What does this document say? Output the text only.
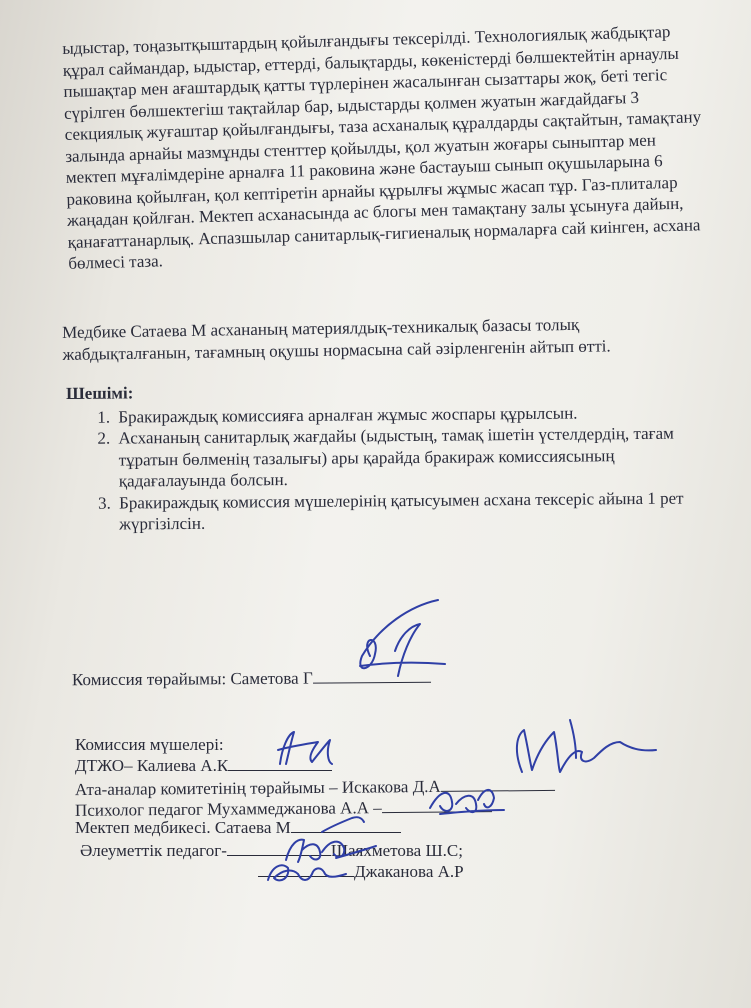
ыдыстар, тоңазытқыштардың қойылғандығы тексерілді. Технологиялық жабдықтар құрал саймандар, ыдыстар, еттерді, балықтарды, көкеністерді бөлшектейтін арнаулы пышақтар мен ағаштардық қатты түрлерінен жасалынған сызаттары жоқ, беті тегіс сүрілген бөлшектегіш тақтайлар бар, ыдыстарды қолмен жуатын жағдайдағы 3 секциялық жуғаштар қойылғандығы, таза асханалық құралдарды сақтайтын, тамақтану залында арнайы мазмұнды стенттер қойылды, қол жуатын жоғары сыныптар мен мектеп мұғалімдеріне арналға 11 раковина және бастауыш сынып оқушыларына 6 раковина қойылған, қол кептіретін арнайы құрылғы жұмыс жасап тұр. Газ-плиталар жаңадан қойлған. Мектеп асханасында ас блогы мен тамақтану залы ұсынуға дайын, қанағаттанарлық. Аспазшылар санитарлық-гигиеналық нормаларға сай киінген, асхана бөлмесі таза.

Медбике Сатаева М асхананың материялдық-техникалық базасы толық жабдықталғанын, тағамның оқушы нормасына сай әзірленгенін айтып өтті.

Шешімі:

1. Бракираждық комиссияға арналған жұмыс жоспары құрылсын.
2. Асхананың санитарлық жағдайы (ыдыстың, тамақ ішетін үстелдердің, тағам тұратын бөлменің тазалығы) ары қарайда бракираж комиссиясының қадағалауында болсын.
3. Бракираждық комиссия мүшелерінің қатысуымен асхана тексеріс айына 1 рет жүргізілсін.
Комиссия төрайымы: Саметова Г
Комиссия мүшелері:
ДТЖО– Калиева А.К
Ата-аналар комитетінің төрайымы – Искакова Д.А
Психолог педагог Мухаммеджанова А.А –
Мектеп медбикесі. Сатаева М
Әлеуметтік педагог-	Шаяхметова Ш.С;
Джаканова А.Р
